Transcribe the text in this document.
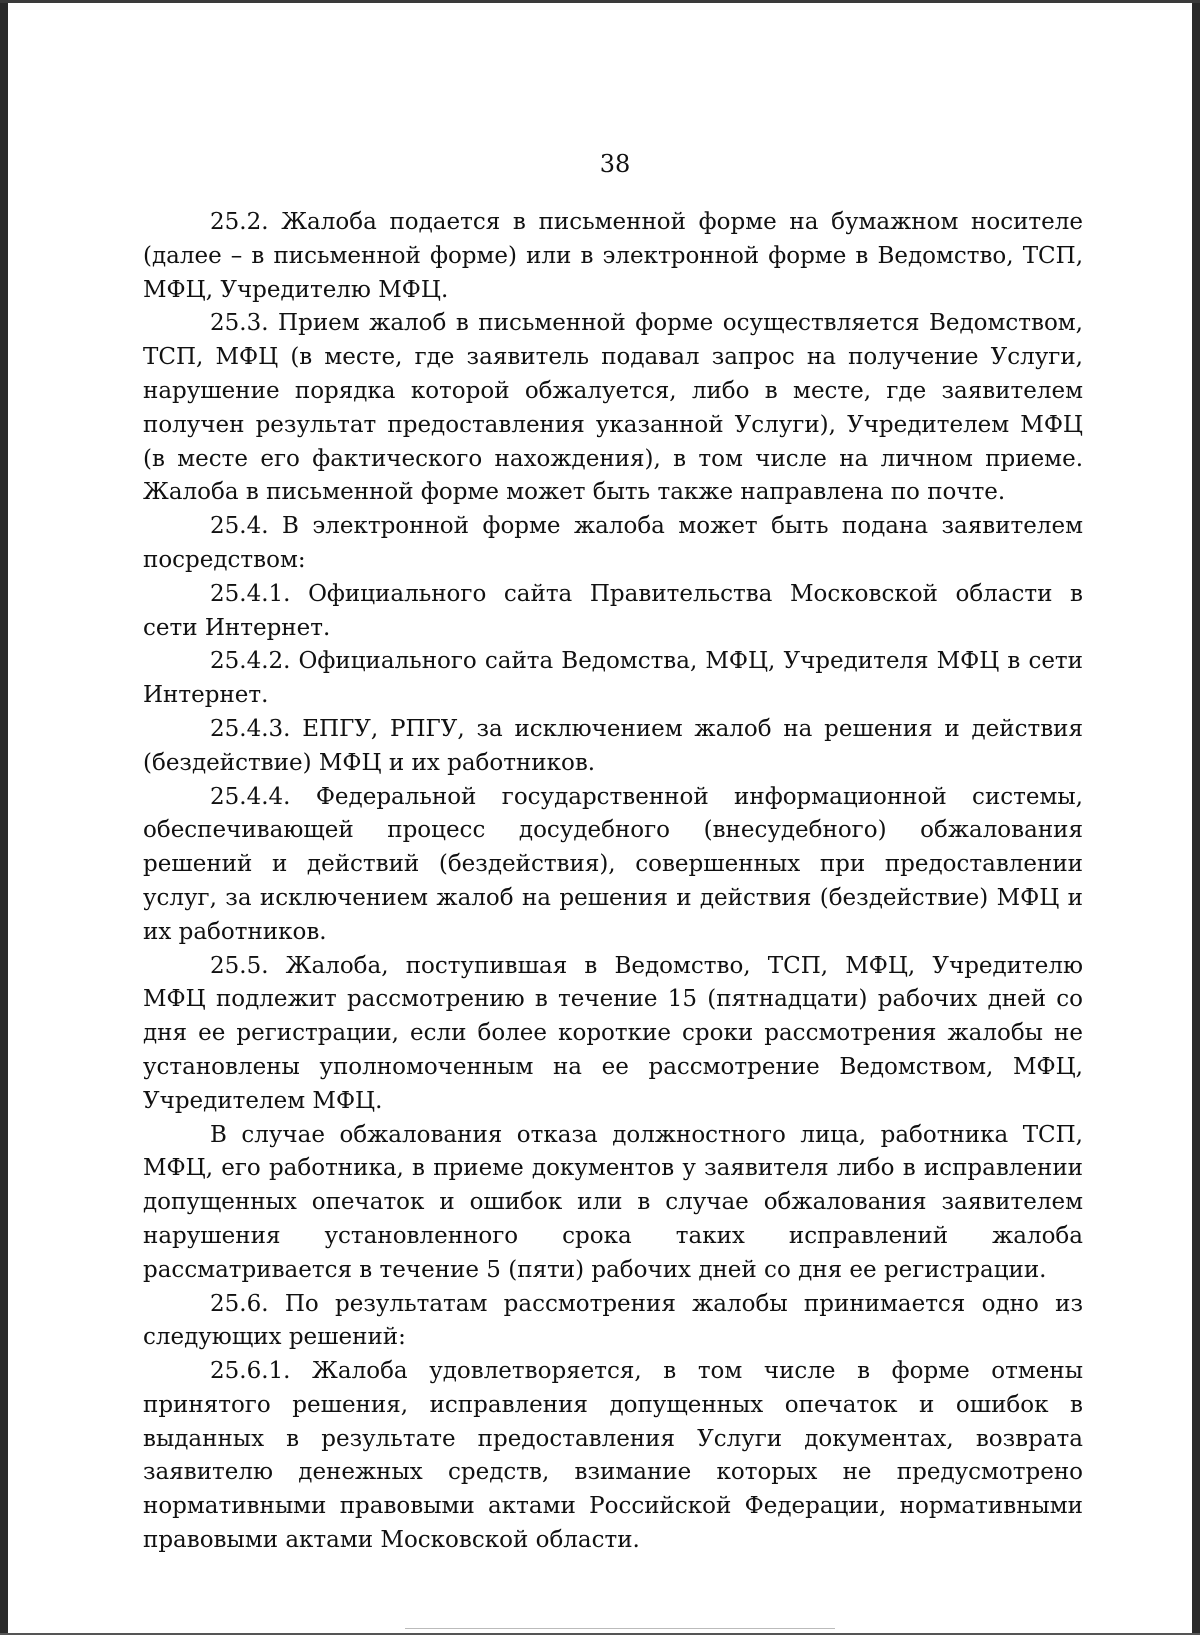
38

25.2. Жалоба подается в письменной форме на бумажном носителе (далее – в письменной форме) или в электронной форме в Ведомство, ТСП, МФЦ, Учредителю МФЦ.

25.3. Прием жалоб в письменной форме осуществляется Ведомством, ТСП, МФЦ (в месте, где заявитель подавал запрос на получение Услуги, нарушение порядка которой обжалуется, либо в месте, где заявителем получен результат предоставления указанной Услуги), Учредителем МФЦ (в месте его фактического нахождения), в том числе на личном приеме. Жалоба в письменной форме может быть также направлена по почте.

25.4. В электронной форме жалоба может быть подана заявителем посредством:

25.4.1. Официального сайта Правительства Московской области в сети Интернет.

25.4.2. Официального сайта Ведомства, МФЦ, Учредителя МФЦ в сети Интернет.

25.4.3. ЕПГУ, РПГУ, за исключением жалоб на решения и действия (бездействие) МФЦ и их работников.

25.4.4. Федеральной государственной информационной системы, обеспечивающей процесс досудебного (внесудебного) обжалования решений и действий (бездействия), совершенных при предоставлении услуг, за исключением жалоб на решения и действия (бездействие) МФЦ и их работников.

25.5. Жалоба, поступившая в Ведомство, ТСП, МФЦ, Учредителю МФЦ подлежит рассмотрению в течение 15 (пятнадцати) рабочих дней со дня ее регистрации, если более короткие сроки рассмотрения жалобы не установлены уполномоченным на ее рассмотрение Ведомством, МФЦ, Учредителем МФЦ.

В случае обжалования отказа должностного лица, работника ТСП, МФЦ, его работника, в приеме документов у заявителя либо в исправлении допущенных опечаток и ошибок или в случае обжалования заявителем нарушения установленного срока таких исправлений жалоба рассматривается в течение 5 (пяти) рабочих дней со дня ее регистрации.

25.6. По результатам рассмотрения жалобы принимается одно из следующих решений:

25.6.1. Жалоба удовлетворяется, в том числе в форме отмены принятого решения, исправления допущенных опечаток и ошибок в выданных в результате предоставления Услуги документах, возврата заявителю денежных средств, взимание которых не предусмотрено нормативными правовыми актами Российской Федерации, нормативными правовыми актами Московской области.
